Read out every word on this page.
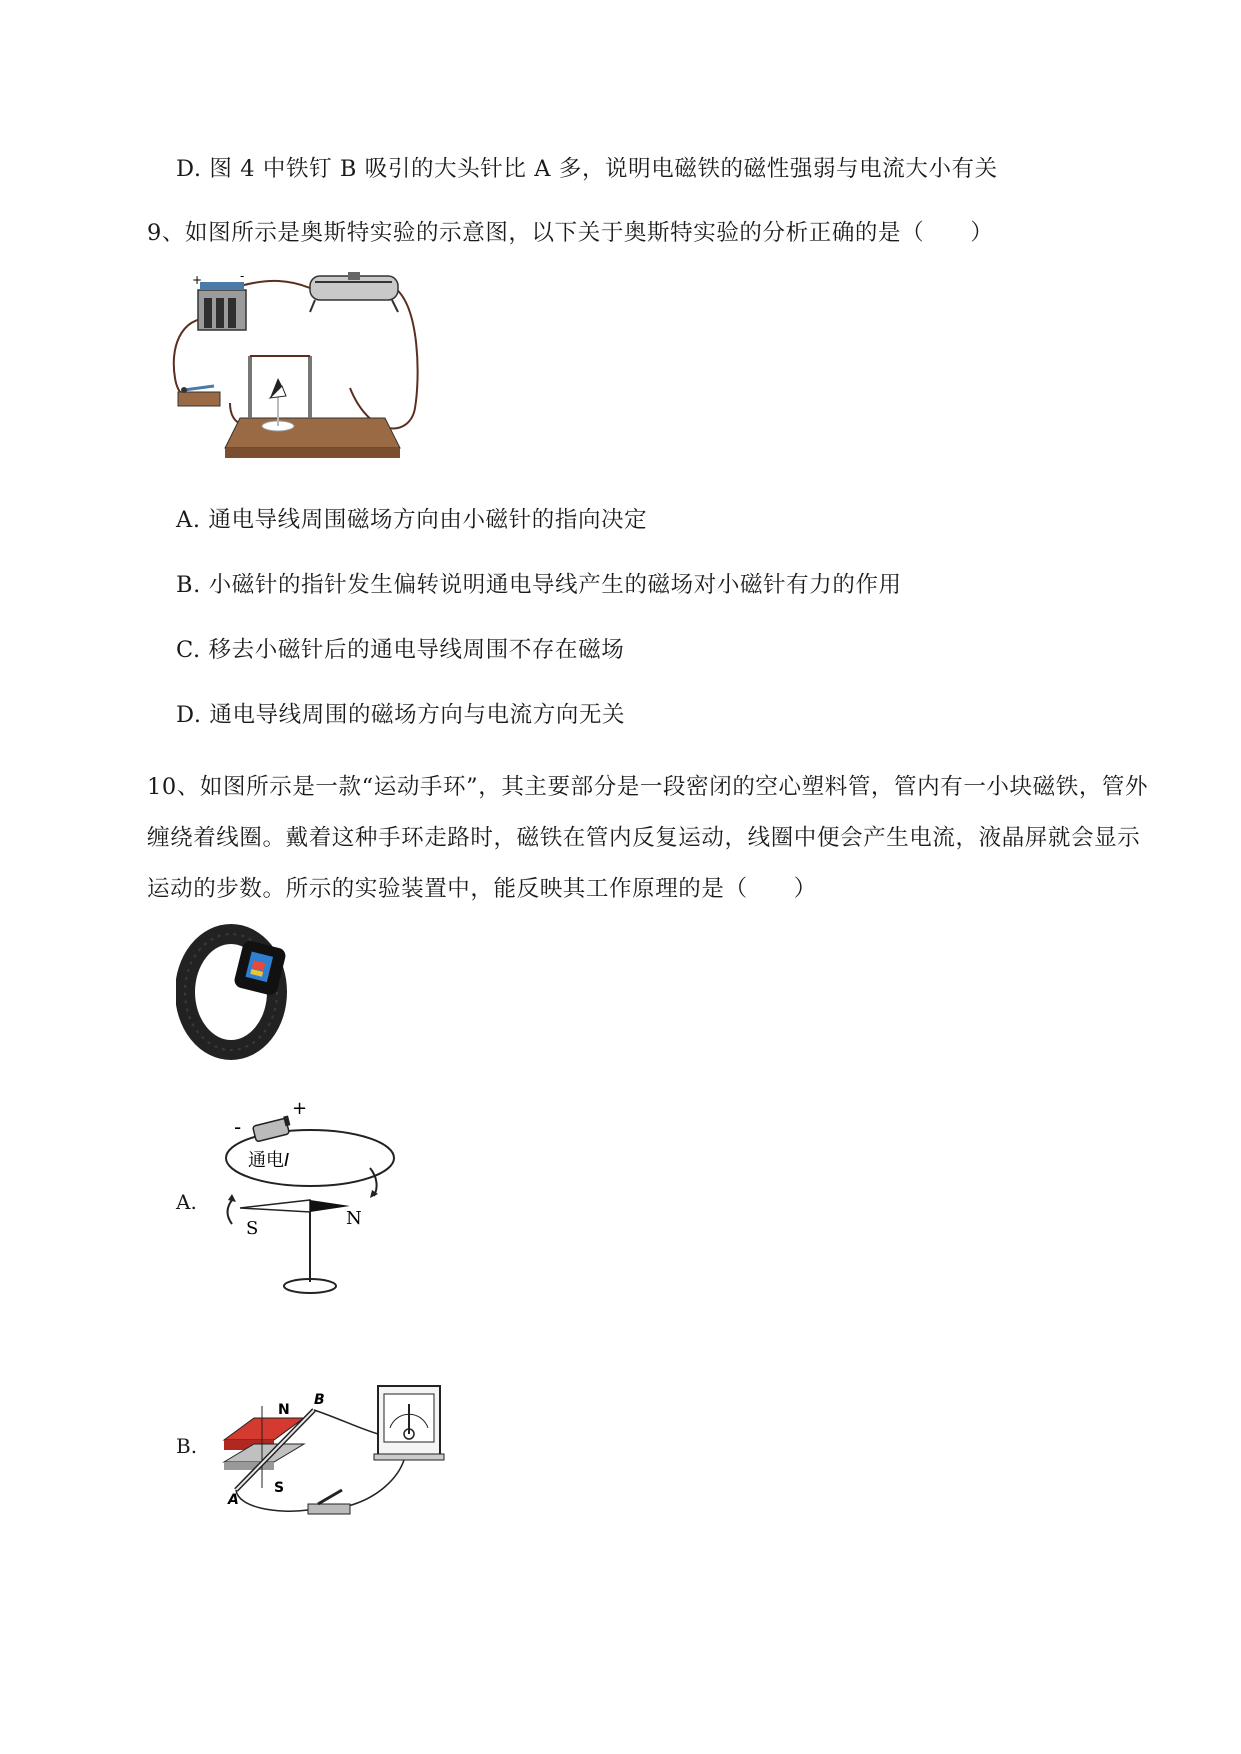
D. 图 4 中铁钉 B 吸引的大头针比 A 多，说明电磁铁的磁性强弱与电流大小有关
9、如图所示是奥斯特实验的示意图，以下关于奥斯特实验的分析正确的是（　　）
+	-
A. 通电导线周围磁场方向由小磁针的指向决定
B. 小磁针的指针发生偏转说明通电导线产生的磁场对小磁针有力的作用
C. 移去小磁针后的通电导线周围不存在磁场
D. 通电导线周围的磁场方向与电流方向无关
10、如图所示是一款“运动手环”，其主要部分是一段密闭的空心塑料管，管内有一小块磁铁，管外缠绕着线圈。戴着这种手环走路时，磁铁在管内反复运动，线圈中便会产生电流，液晶屏就会显示运动的步数。所示的实验装置中，能反映其工作原理的是（　　）
A.
+
-
通电I
S	N
B.
N
S
A
B
